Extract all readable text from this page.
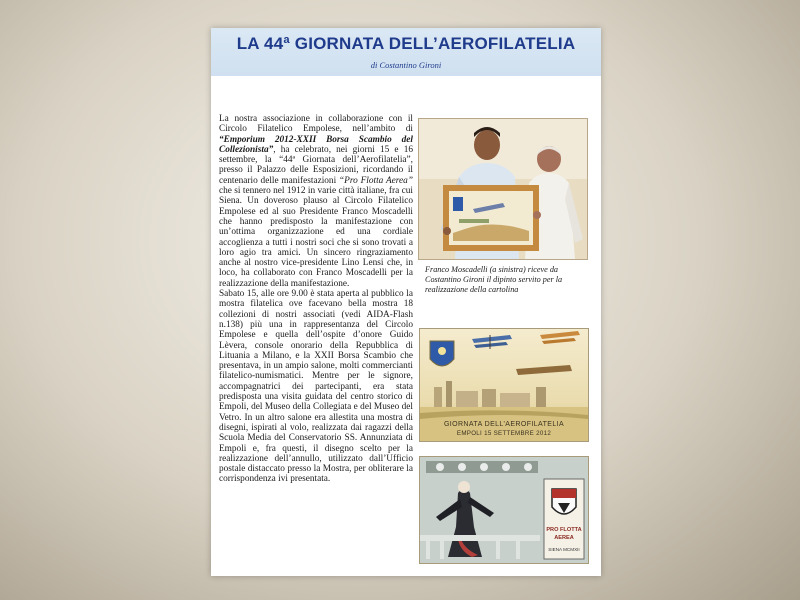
LA 44ª GIORNATA DELL’AEROFILATELIA
di Costantino Gironi

La nostra associazione in collaborazione con il Circolo Filatelico Empolese, nell’ambito di “Emporium 2012-XXII Borsa Scambio del Collezionista”, ha celebrato, nei giorni 15 e 16 settembre, la “44ª Giornata dell’Aerofilatelia”, presso il Palazzo delle Esposizioni, ricordando il centenario delle manifestazioni “Pro Flotta Aerea” che si tennero nel 1912 in varie città italiane, fra cui Siena. Un doveroso plauso al Circolo Filatelico Empolese ed al suo Presidente Franco Moscadelli che hanno predisposto la manifestazione con un’ottima organizzazione ed una cordiale accoglienza a tutti i nostri soci che si sono trovati a loro agio tra amici. Un sincero ringraziamento anche al nostro vice-presidente Lino Lensi che, in loco, ha collaborato con Franco Moscadelli per la realizzazione della manifestazione.

Sabato 15, alle ore 9.00 è stata aperta al pubblico la mostra filatelica ove facevano bella mostra 18 collezioni di nostri associati (vedi AIDA-Flash n.138) più una in rappresentanza del Circolo Empolese e quella dell’ospite d’onore Guido Lèvera, console onorario della Repubblica di Lituania a Milano, e la XXII Borsa Scambio che presentava, in un ampio salone, molti commercianti filatelico-numismatici. Mentre per le signore, accompagnatrici dei partecipanti, era stata predisposta una visita guidata del centro storico di Empoli, del Museo della Collegiata e del Museo del Vetro. In un altro salone era allestita una mostra di disegni, ispirati al volo, realizzata dai ragazzi della Scuola Media del Conservatorio SS. Annunziata di Empoli e, fra questi, il disegno scelto per la realizzazione dell’annullo, utilizzato dall’Ufficio postale distaccato presso la Mostra, per obliterare la corrispondenza ivi presentata.

Franco Moscadelli (a sinistra) riceve da Costantino Gironi il dipinto servito per la realizzazione della cartolina
GIORNATA DELL’AEROFILATELIA
EMPOLI 15 SETTEMBRE 2012
PRO FLOTTA
AEREA
SIENA MCMXII
